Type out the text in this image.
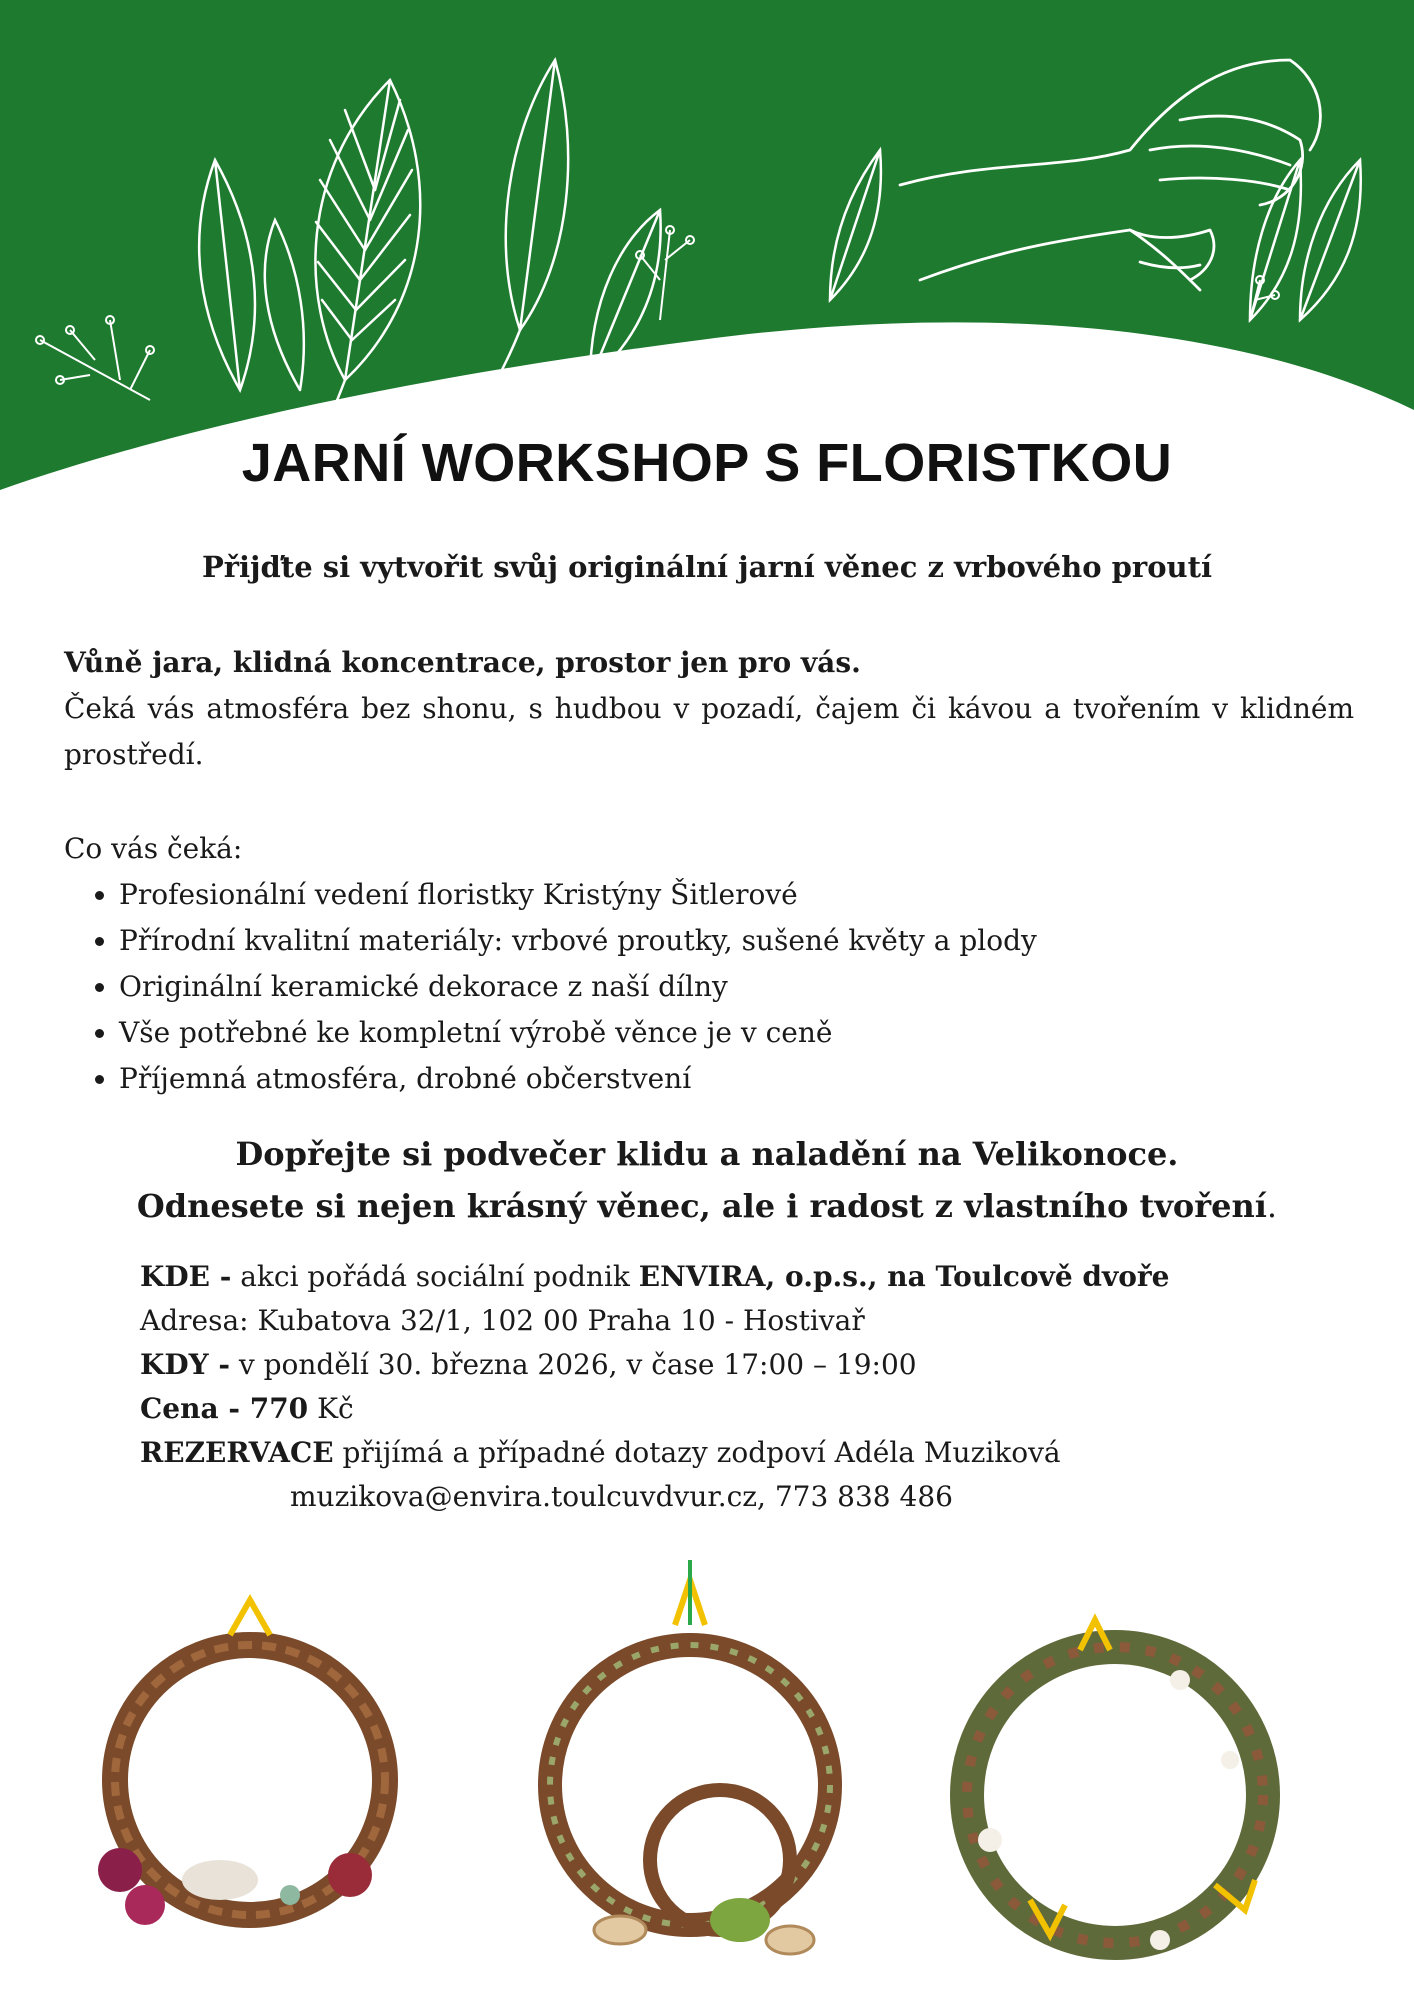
JARNÍ WORKSHOP S FLORISTKOU
Přijďte si vytvořit svůj originální jarní věnec z vrbového proutí
Vůně jara, klidná koncentrace, prostor jen pro vás.
Čeká vás atmosféra bez shonu, s hudbou v pozadí, čajem či kávou a tvořením v klidném prostředí.
Co vás čeká:
• Profesionální vedení floristky Kristýny Šitlerové
• Přírodní kvalitní materiály: vrbové proutky, sušené květy a plody
• Originální keramické dekorace z naší dílny
• Vše potřebné ke kompletní výrobě věnce je v ceně
• Příjemná atmosféra, drobné občerstvení
Dopřejte si podvečer klidu a naladění na Velikonoce.
Odnesete si nejen krásný věnec, ale i radost z vlastního tvoření.
KDE - akci pořádá sociální podnik ENVIRA, o.p.s., na Toulcově dvoře
Adresa: Kubatova 32/1, 102 00 Praha 10 - Hostivař
KDY - v pondělí 30. března 2026, v čase 17:00 – 19:00
Cena - 770 Kč
REZERVACE přijímá a případné dotazy zodpoví Adéla Muziková
muzikova@envira.toulcuvdvur.cz, 773 838 486
